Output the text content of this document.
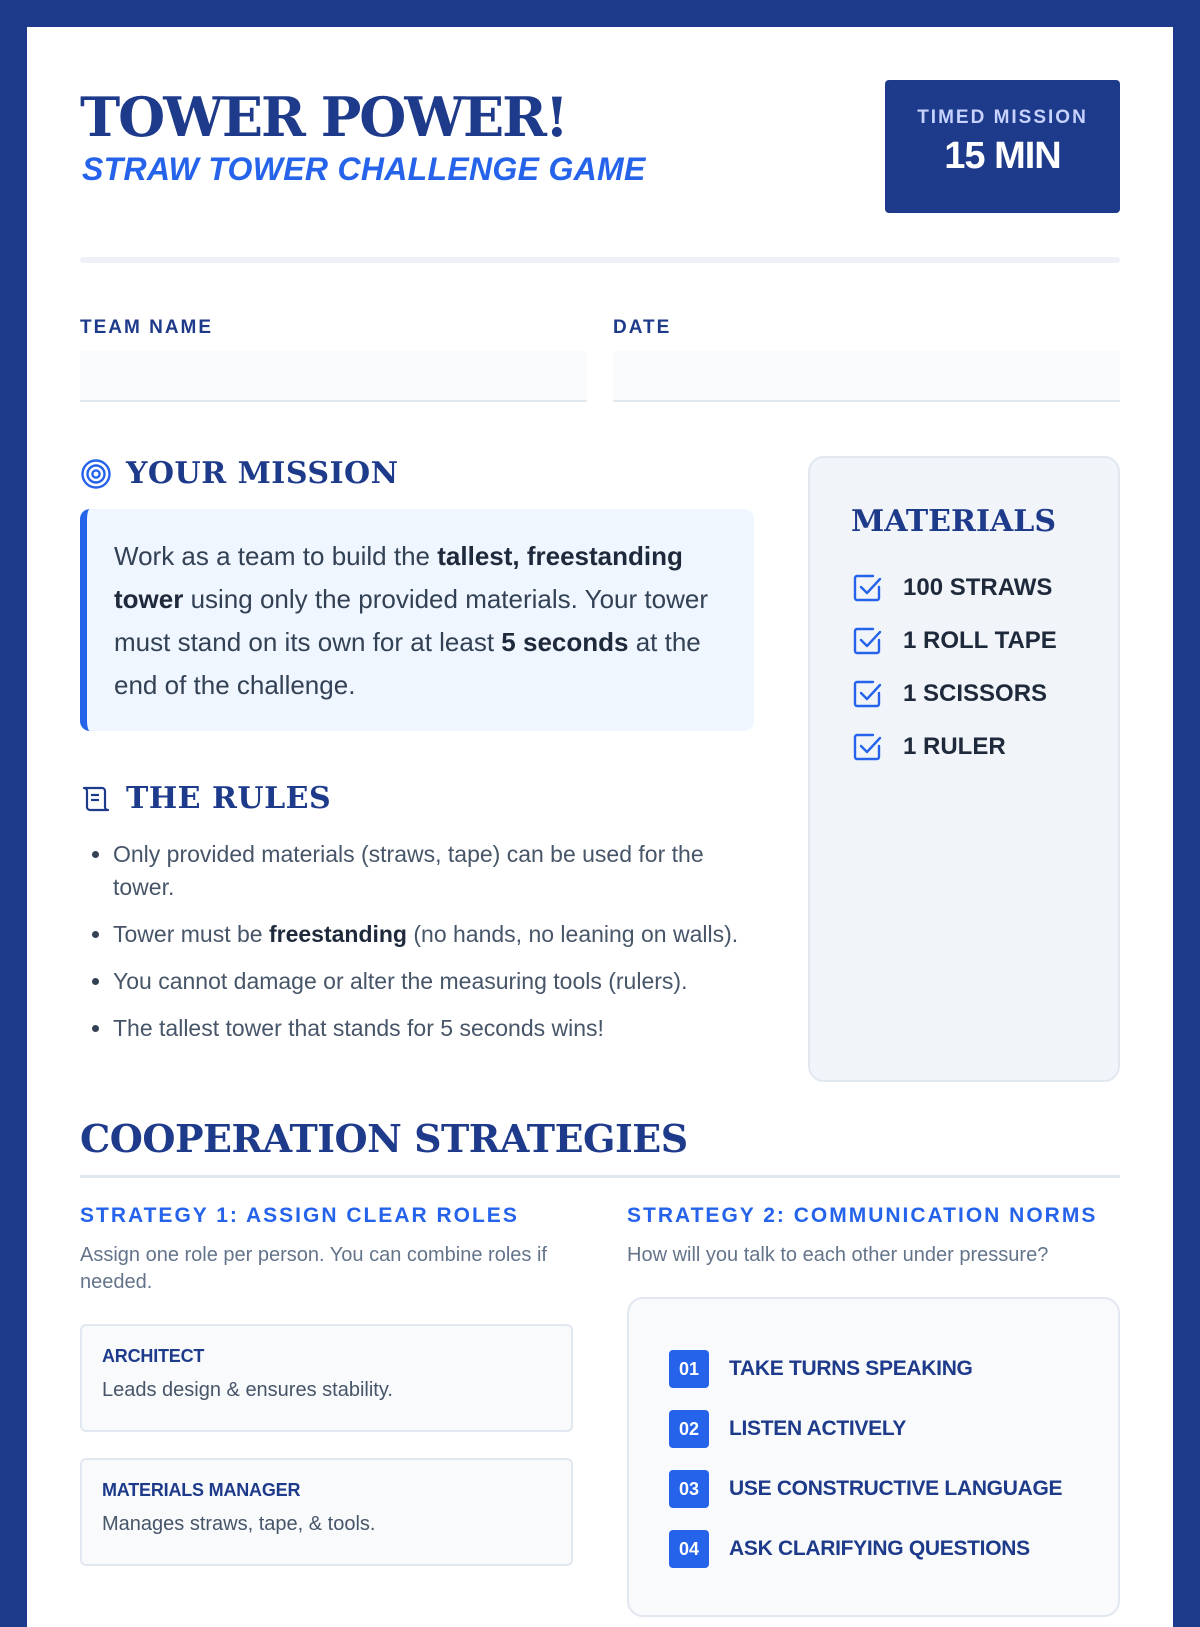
TOWER POWER!
STRAW TOWER CHALLENGE GAME
TIMED MISSION
15 MIN
TEAM NAME	DATE
YOUR MISSION
Work as a team to build the tallest, freestanding tower using only the provided materials. Your tower must stand on its own for at least 5 seconds at the end of the challenge.
THE RULES
• Only provided materials (straws, tape) can be used for the tower.
• Tower must be freestanding (no hands, no leaning on walls).
• You cannot damage or alter the measuring tools (rulers).
• The tallest tower that stands for 5 seconds wins!
MATERIALS
100 STRAWS
1 ROLL TAPE
1 SCISSORS
1 RULER
COOPERATION STRATEGIES
STRATEGY 1: ASSIGN CLEAR ROLES
Assign one role per person. You can combine roles if needed.
ARCHITECT
Leads design & ensures stability.
MATERIALS MANAGER
Manages straws, tape, & tools.
STRATEGY 2: COMMUNICATION NORMS
How will you talk to each other under pressure?
01	TAKE TURNS SPEAKING
02	LISTEN ACTIVELY
03	USE CONSTRUCTIVE LANGUAGE
04	ASK CLARIFYING QUESTIONS
